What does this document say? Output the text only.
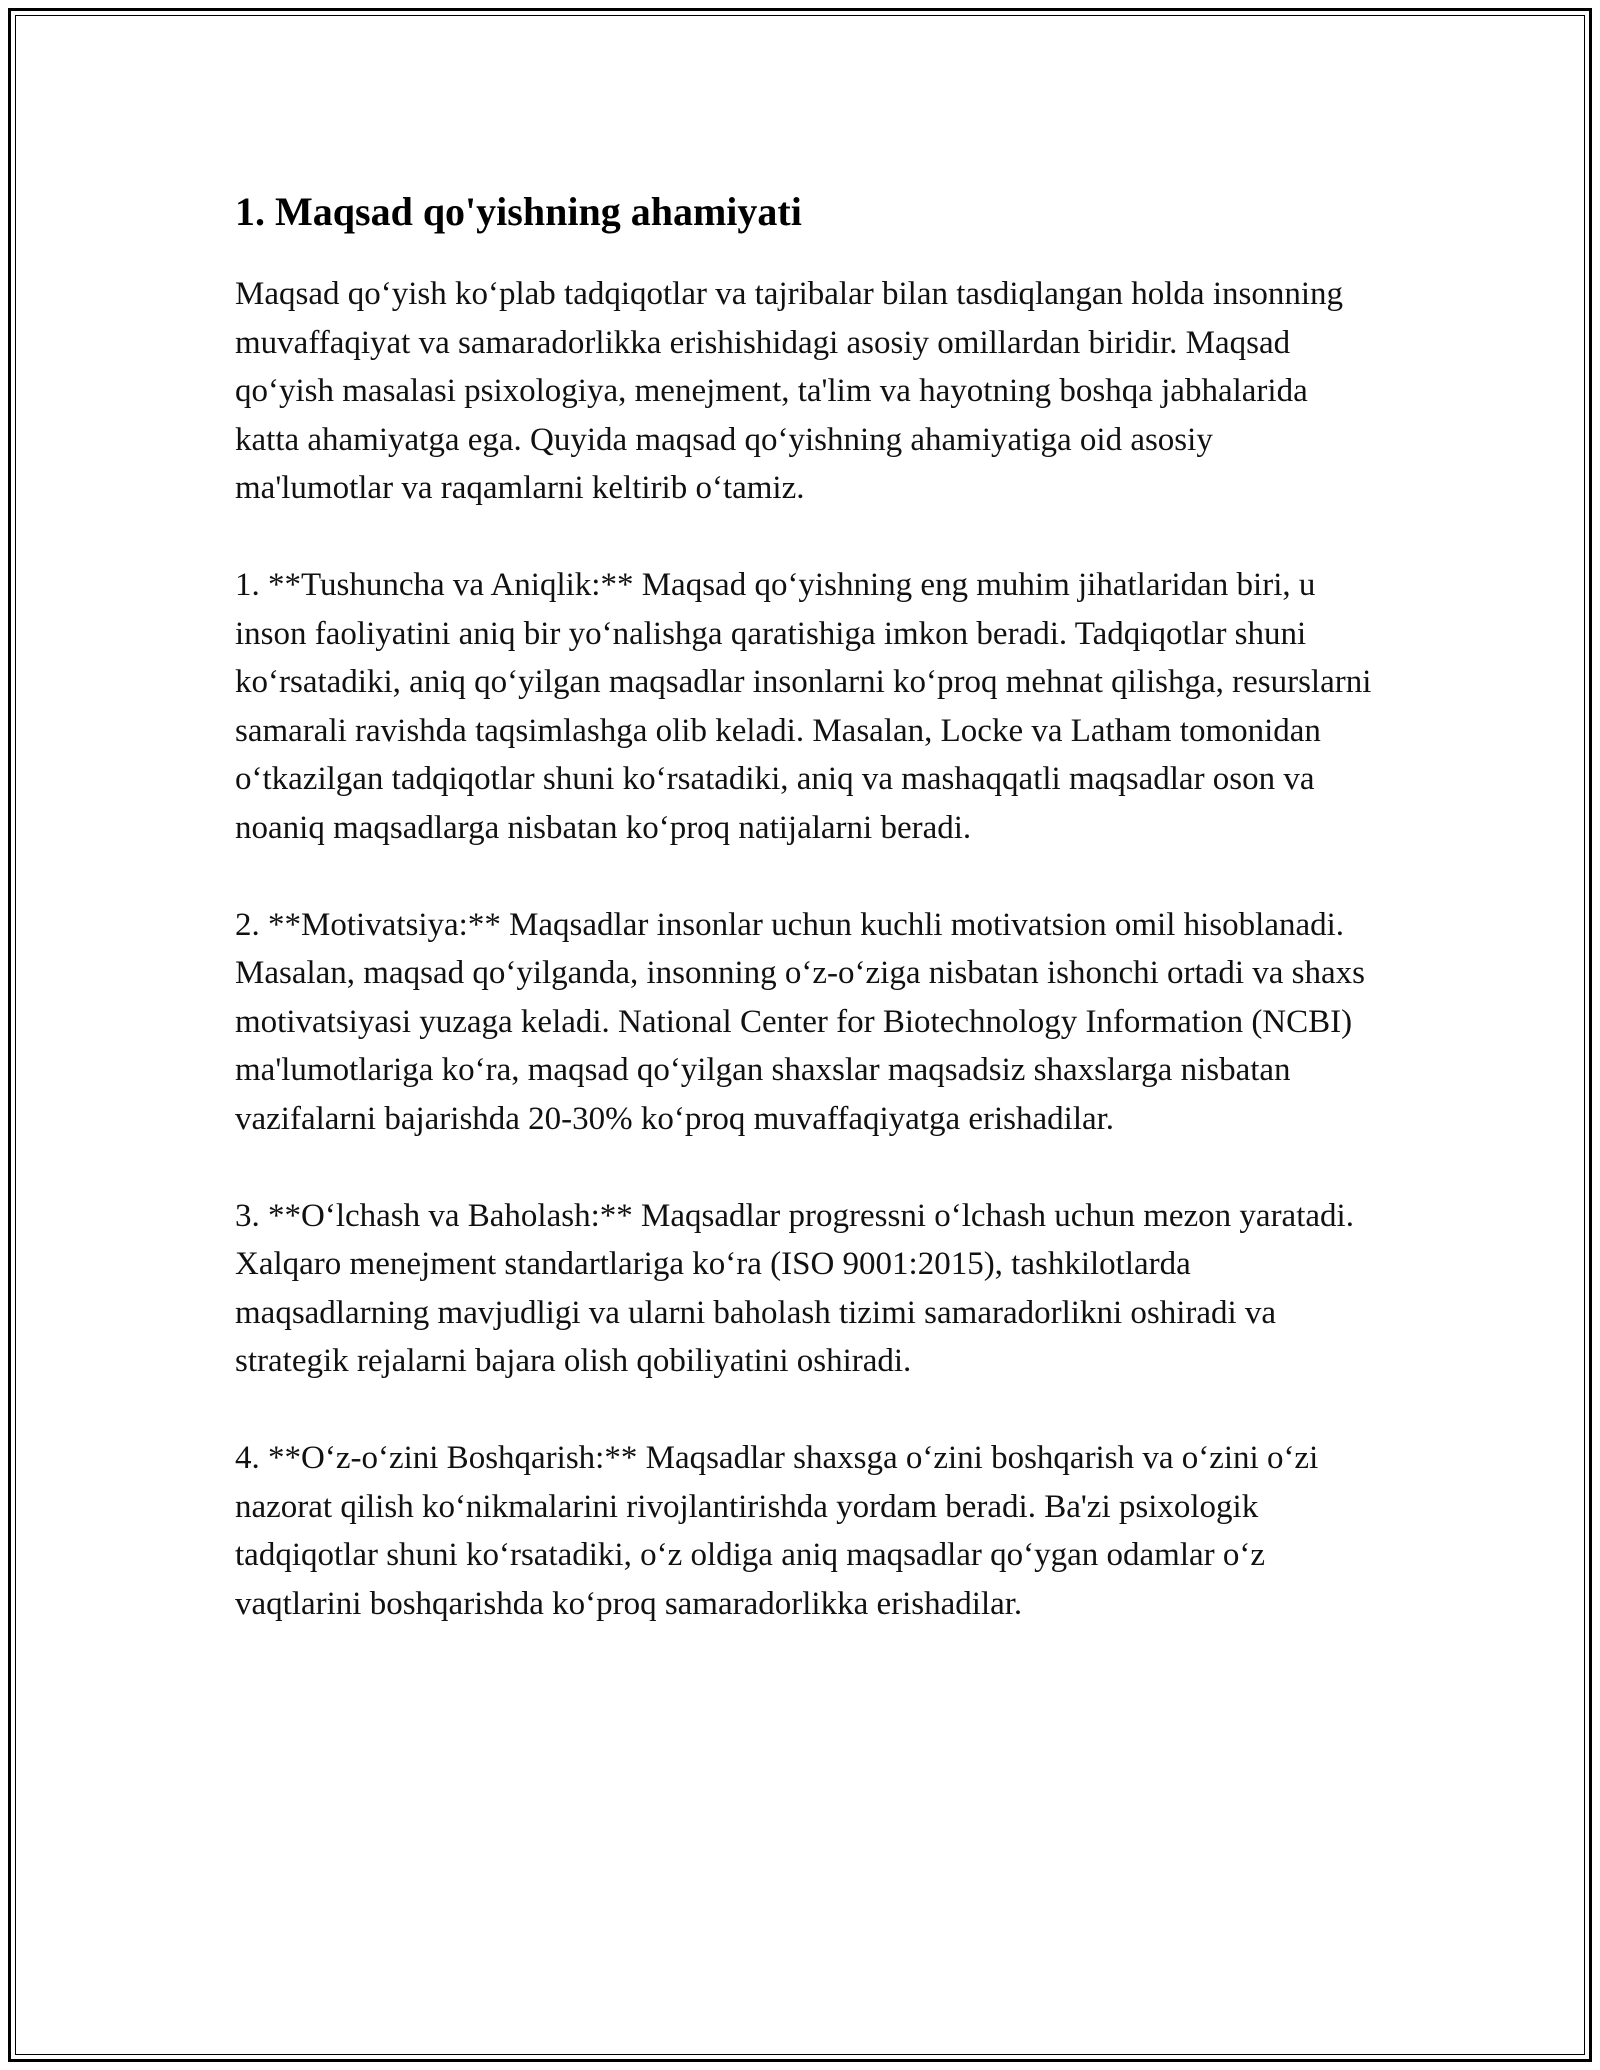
1. Maqsad qo'yishning ahamiyati

Maqsad qo‘yish ko‘plab tadqiqotlar va tajribalar bilan tasdiqlangan holda insonning muvaffaqiyat va samaradorlikka erishishidagi asosiy omillardan biridir. Maqsad qo‘yish masalasi psixologiya, menejment, ta'lim va hayotning boshqa jabhalarida katta ahamiyatga ega. Quyida maqsad qo‘yishning ahamiyatiga oid asosiy ma'lumotlar va raqamlarni keltirib o‘tamiz.

1. **Tushuncha va Aniqlik:** Maqsad qo‘yishning eng muhim jihatlaridan biri, u inson faoliyatini aniq bir yo‘nalishga qaratishiga imkon beradi. Tadqiqotlar shuni ko‘rsatadiki, aniq qo‘yilgan maqsadlar insonlarni ko‘proq mehnat qilishga, resurslarni samarali ravishda taqsimlashga olib keladi. Masalan, Locke va Latham tomonidan o‘tkazilgan tadqiqotlar shuni ko‘rsatadiki, aniq va mashaqqatli maqsadlar oson va noaniq maqsadlarga nisbatan ko‘proq natijalarni beradi.

2. **Motivatsiya:** Maqsadlar insonlar uchun kuchli motivatsion omil hisoblanadi. Masalan, maqsad qo‘yilganda, insonning o‘z-o‘ziga nisbatan ishonchi ortadi va shaxs motivatsiyasi yuzaga keladi. National Center for Biotechnology Information (NCBI) ma'lumotlariga ko‘ra, maqsad qo‘yilgan shaxslar maqsadsiz shaxslarga nisbatan vazifalarni bajarishda 20-30% ko‘proq muvaffaqiyatga erishadilar.

3. **O‘lchash va Baholash:** Maqsadlar progressni o‘lchash uchun mezon yaratadi. Xalqaro menejment standartlariga ko‘ra (ISO 9001:2015), tashkilotlarda maqsadlarning mavjudligi va ularni baholash tizimi samaradorlikni oshiradi va strategik rejalarni bajara olish qobiliyatini oshiradi.

4. **O‘z-o‘zini Boshqarish:** Maqsadlar shaxsga o‘zini boshqarish va o‘zini o‘zi nazorat qilish ko‘nikmalarini rivojlantirishda yordam beradi. Ba'zi psixologik tadqiqotlar shuni ko‘rsatadiki, o‘z oldiga aniq maqsadlar qo‘ygan odamlar o‘z vaqtlarini boshqarishda ko‘proq samaradorlikka erishadilar.
